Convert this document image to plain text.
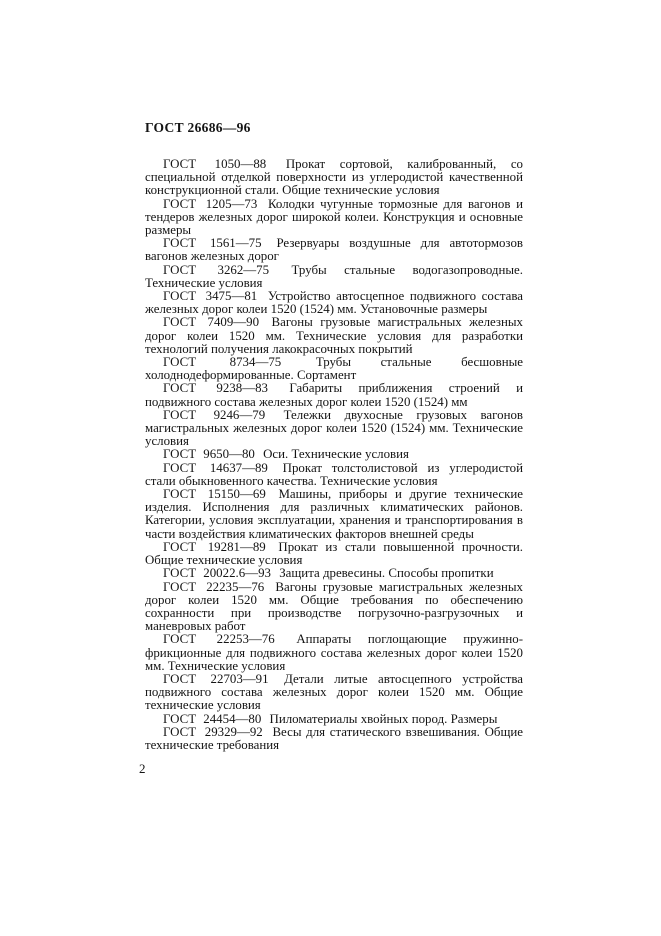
ГОСТ 26686—96

ГОСТ 1050—88 Прокат сортовой, калиброванный, со специальной отделкой поверхности из углеродистой качественной конструкционной стали. Общие технические условия

ГОСТ 1205—73 Колодки чугунные тормозные для вагонов и тендеров железных дорог широкой колеи. Конструкция и основные размеры

ГОСТ 1561—75 Резервуары воздушные для автотормозов вагонов железных дорог

ГОСТ 3262—75 Трубы стальные водогазопроводные. Технические условия

ГОСТ 3475—81 Устройство автосцепное подвижного состава железных дорог колеи 1520 (1524) мм. Установочные размеры

ГОСТ 7409—90 Вагоны грузовые магистральных железных дорог колеи 1520 мм. Технические условия для разработки технологий получения лакокрасочных покрытий

ГОСТ 8734—75	Трубы стальные бесшовные холоднодеформированные. Сортамент

ГОСТ 9238—83 Габариты приближения строений и подвижного состава железных дорог колеи 1520 (1524) мм

ГОСТ 9246—79 Тележки двухосные грузовых вагонов магистральных железных дорог колеи 1520 (1524) мм. Технические условия

ГОСТ 9650—80 Оси. Технические условия

ГОСТ 14637—89 Прокат толстолистовой из углеродистой стали обыкновенного качества. Технические условия

ГОСТ 15150—69 Машины, приборы и другие технические изделия. Исполнения для различных климатических районов. Категории, условия эксплуатации, хранения и транспортирования в части воздействия климатических факторов внешней среды

ГОСТ 19281—89 Прокат из стали повышенной прочности. Общие технические условия

ГОСТ 20022.6—93 Защита древесины. Способы пропитки

ГОСТ 22235—76 Вагоны грузовые магистральных железных дорог колеи 1520 мм. Общие требования по обеспечению сохранности при производстве погрузочно-разгрузочных и маневровых работ

ГОСТ 22253—76 Аппараты поглощающие пружинно-фрикционные для подвижного состава железных дорог колеи 1520 мм. Технические условия

ГОСТ 22703—91 Детали литые автосцепного устройства подвижного состава железных дорог колеи 1520 мм. Общие технические условия

ГОСТ 24454—80 Пиломатериалы хвойных пород. Размеры

ГОСТ 29329—92 Весы для статического взвешивания. Общие технические требования

2
